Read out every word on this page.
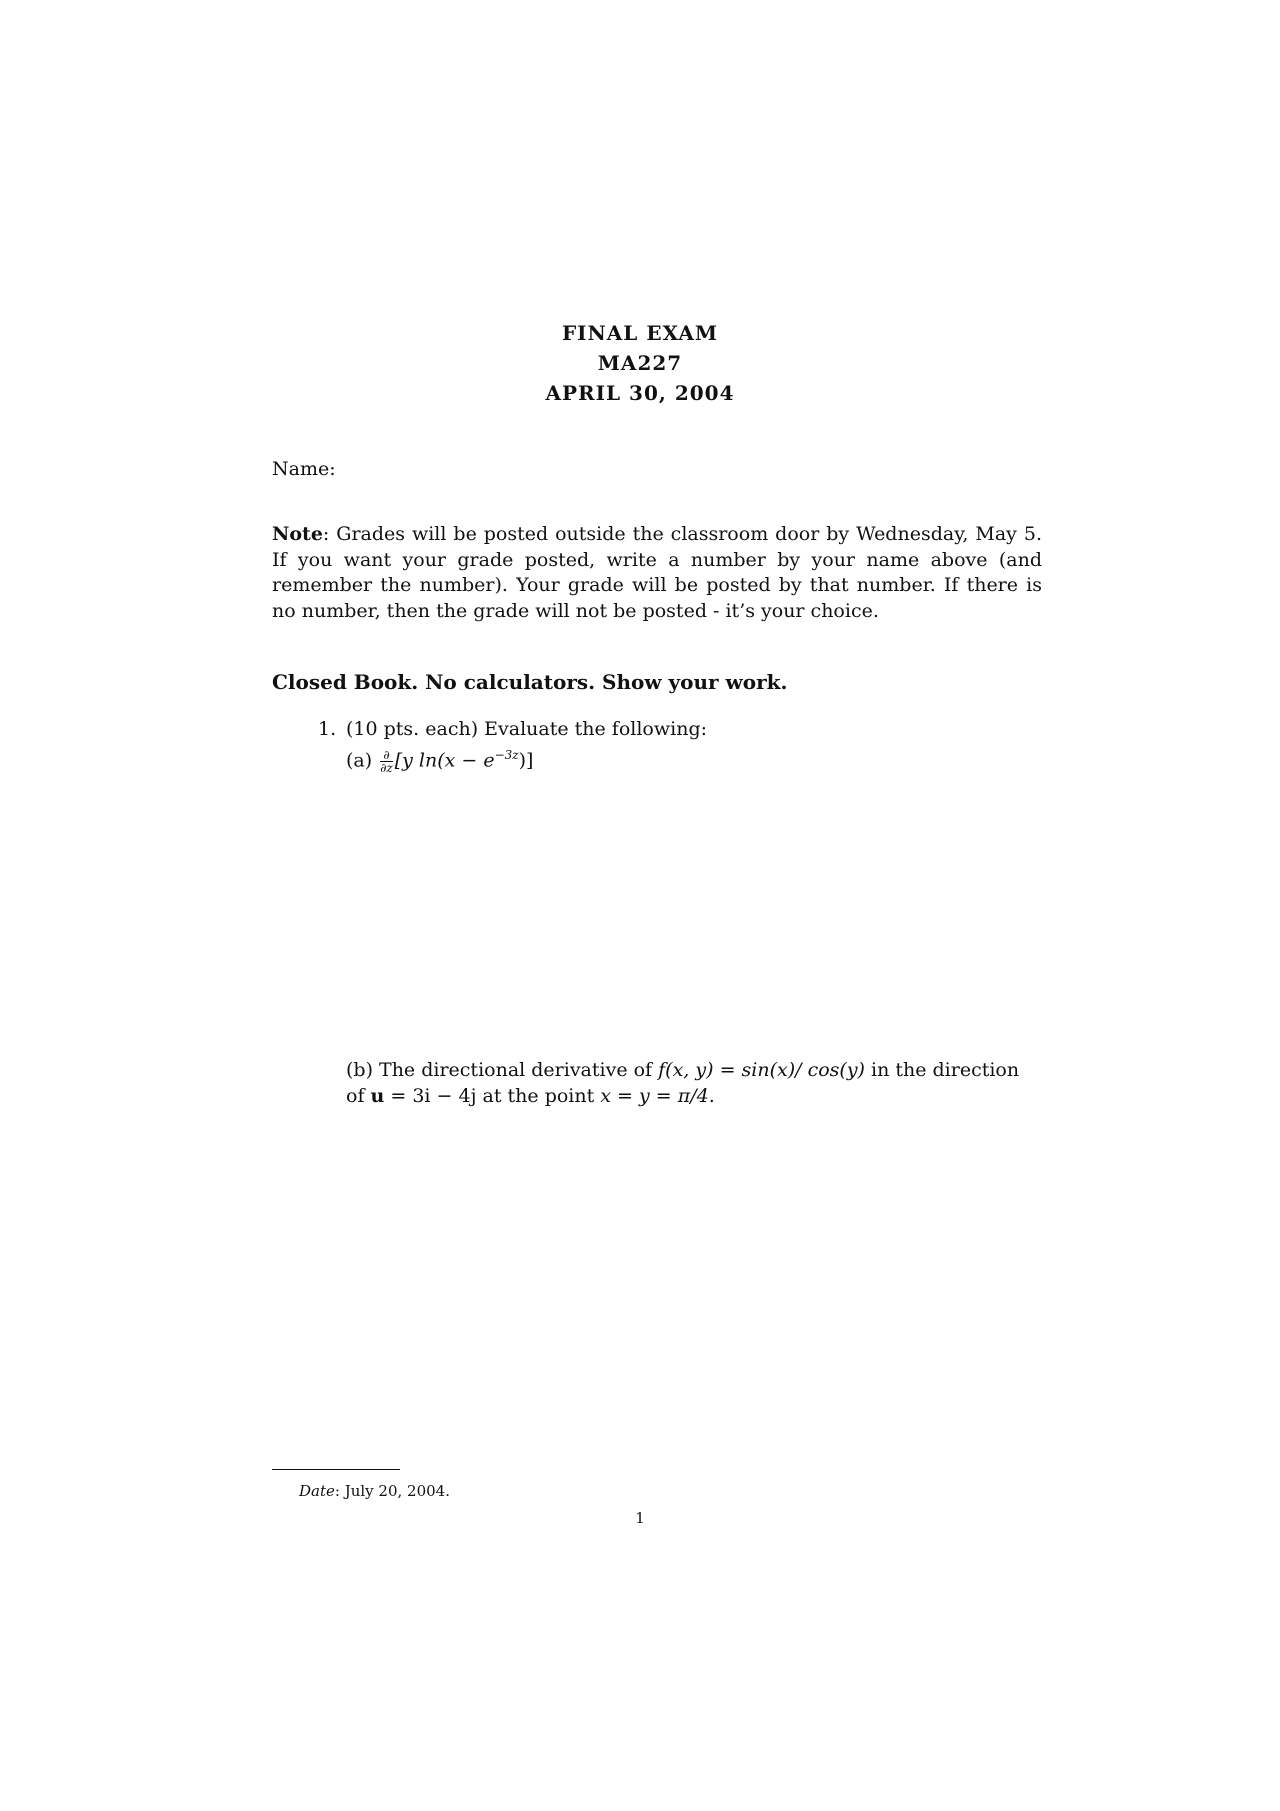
FINAL EXAM
MA227
APRIL 30, 2004
Name:
Note: Grades will be posted outside the classroom door by Wednesday, May 5. If you want your grade posted, write a number by your name above (and remember the number). Your grade will be posted by that number. If there is no number, then the grade will not be posted - it’s your choice.
Closed Book. No calculators. Show your work.
1. (10 pts. each) Evaluate the following:
$(a) \frac{\partial}{\partial z} [y$ $\ln(x - e^{-3z})$]
(b) The directional derivative of f(x, y) = sin(x)/ cos(y) in the direction of u = 3i − 4j at the point x = y = π/4.
Date: July 20, 2004.
1
